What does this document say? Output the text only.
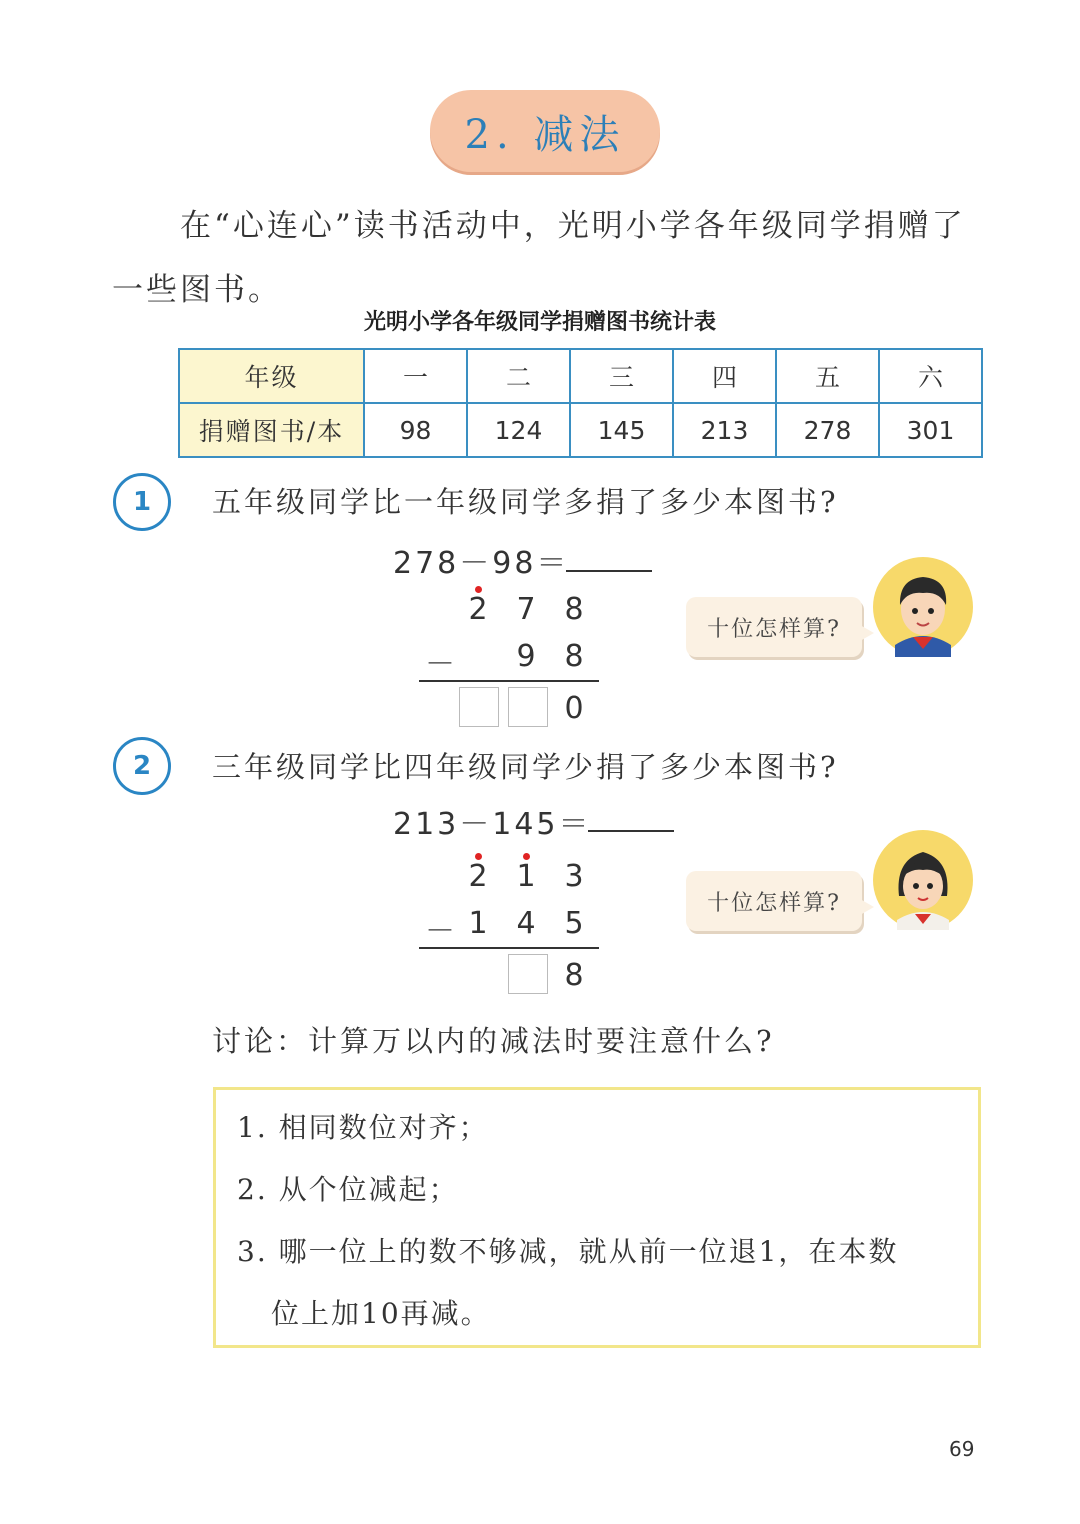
2. 减法
在“心连心”读书活动中，光明小学各年级同学捐赠了
一些图书。
光明小学各年级同学捐赠图书统计表
年级	一	二	三	四	五	六
捐赠图书/本	98	124	145	213	278	301
1	五年级同学比一年级同学多捐了多少本图书?
278－98＝
2 7 8
－ 9 8
0
十位怎样算?
2	三年级同学比四年级同学少捐了多少本图书?
213－145＝
2 1 3
－ 1 4 5
8
十位怎样算?
讨论：计算万以内的减法时要注意什么?
1. 相同数位对齐；
2. 从个位减起；
3. 哪一位上的数不够减，就从前一位退1，在本数
位上加10再减。
69
